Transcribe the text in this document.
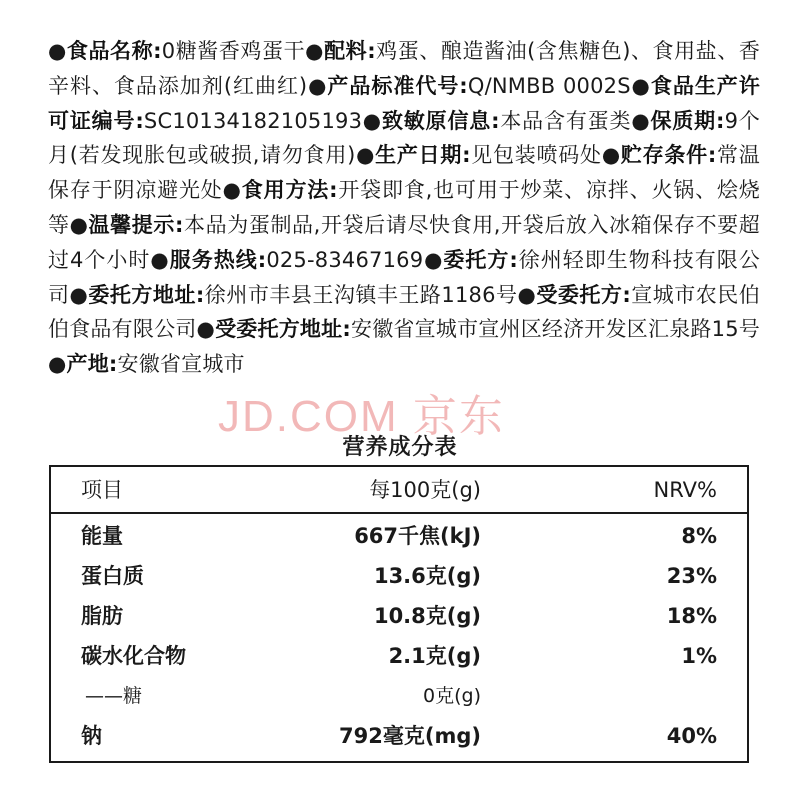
●食品名称:0糖酱香鸡蛋干●配料:鸡蛋、酿造酱油(含焦糖色)、食用盐、香辛料、食品添加剂(红曲红)●产品标准代号:Q/NMBB 0002S●食品生产许可证编号:SC10134182105193●致敏原信息:本品含有蛋类●保质期:9个月(若发现胀包或破损,请勿食用)●生产日期:见包装喷码处●贮存条件:常温保存于阴凉避光处●食用方法:开袋即食,也可用于炒菜、凉拌、火锅、烩烧等●温馨提示:本品为蛋制品,开袋后请尽快食用,开袋后放入冰箱保存不要超过4个小时●服务热线:025-83467169●委托方:徐州轻即生物科技有限公司●委托方地址:徐州市丰县王沟镇丰王路1186号●受委托方:宣城市农民伯伯食品有限公司●受委托方地址:安徽省宣城市宣州区经济开发区汇泉路15号●产地:安徽省宣城市
JD.COM 京东
营养成分表
项目	每100克(g)	NRV%
能量	667千焦(kJ)	8%
蛋白质	13.6克(g)	23%
脂肪	10.8克(g)	18%
碳水化合物	2.1克(g)	1%
——糖	0克(g)
钠	792毫克(mg)	40%
